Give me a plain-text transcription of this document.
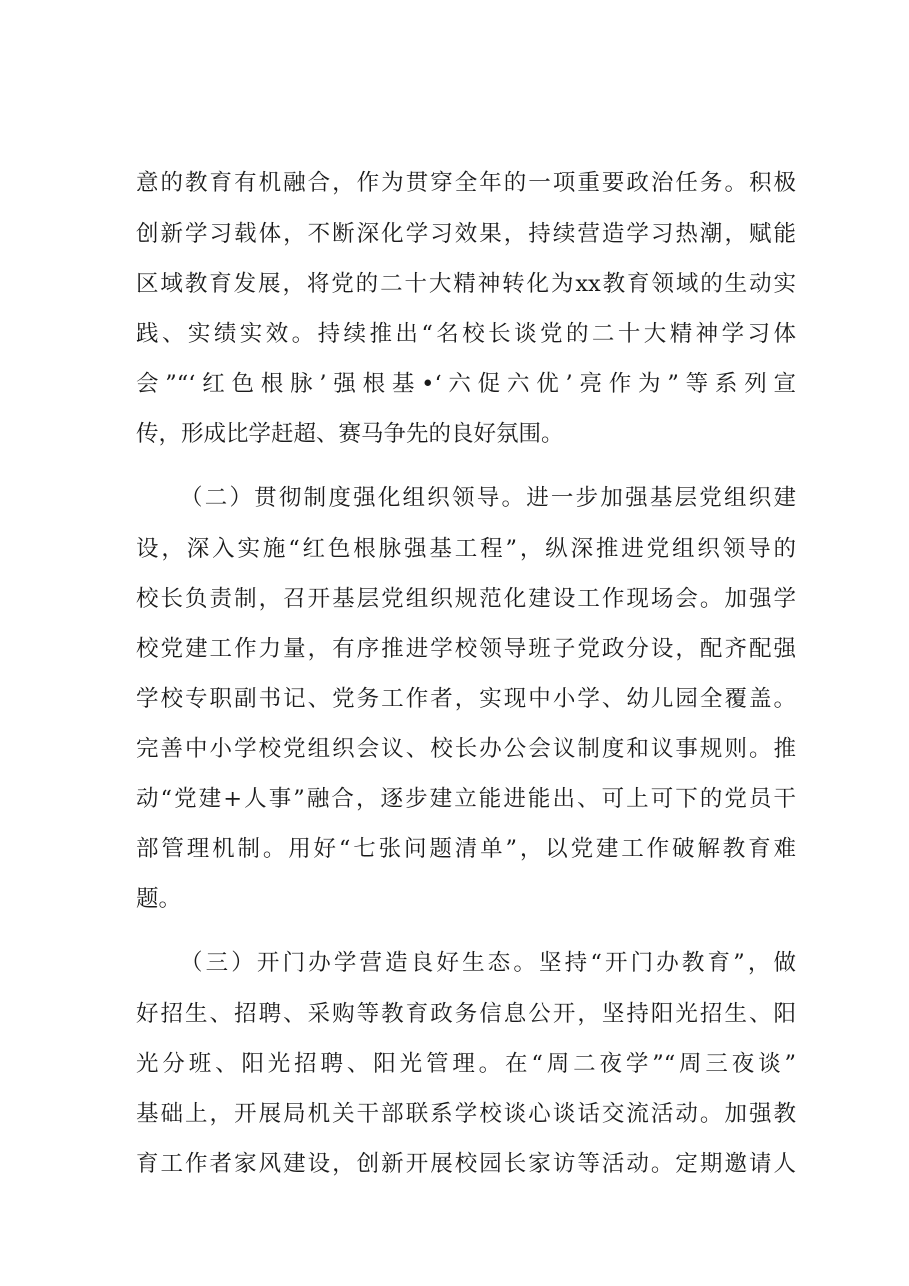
意的教育有机融合，作为贯穿全年的一项重要政治任务。积极
创新学习载体，不断深化学习效果，持续营造学习热潮，赋能
区域教育发展，将党的二十大精神转化为xx教育领域的生动实
践、实绩实效。持续推出“名校长谈党的二十大精神学习体
会”“‘红色根脉’强根基•‘六促六优’亮作为”等系列宣
传，形成比学赶超、赛马争先的良好氛围。
（二）贯彻制度强化组织领导。进一步加强基层党组织建
设，深入实施“红色根脉强基工程”，纵深推进党组织领导的
校长负责制，召开基层党组织规范化建设工作现场会。加强学
校党建工作力量，有序推进学校领导班子党政分设，配齐配强
学校专职副书记、党务工作者，实现中小学、幼儿园全覆盖。
完善中小学校党组织会议、校长办公会议制度和议事规则。推
动“党建+人事”融合，逐步建立能进能出、可上可下的党员干
部管理机制。用好“七张问题清单”，以党建工作破解教育难
题。
（三）开门办学营造良好生态。坚持“开门办教育”，做
好招生、招聘、采购等教育政务信息公开，坚持阳光招生、阳
光分班、阳光招聘、阳光管理。在“周二夜学”“周三夜谈”
基础上，开展局机关干部联系学校谈心谈话交流活动。加强教
育工作者家风建设，创新开展校园长家访等活动。定期邀请人
